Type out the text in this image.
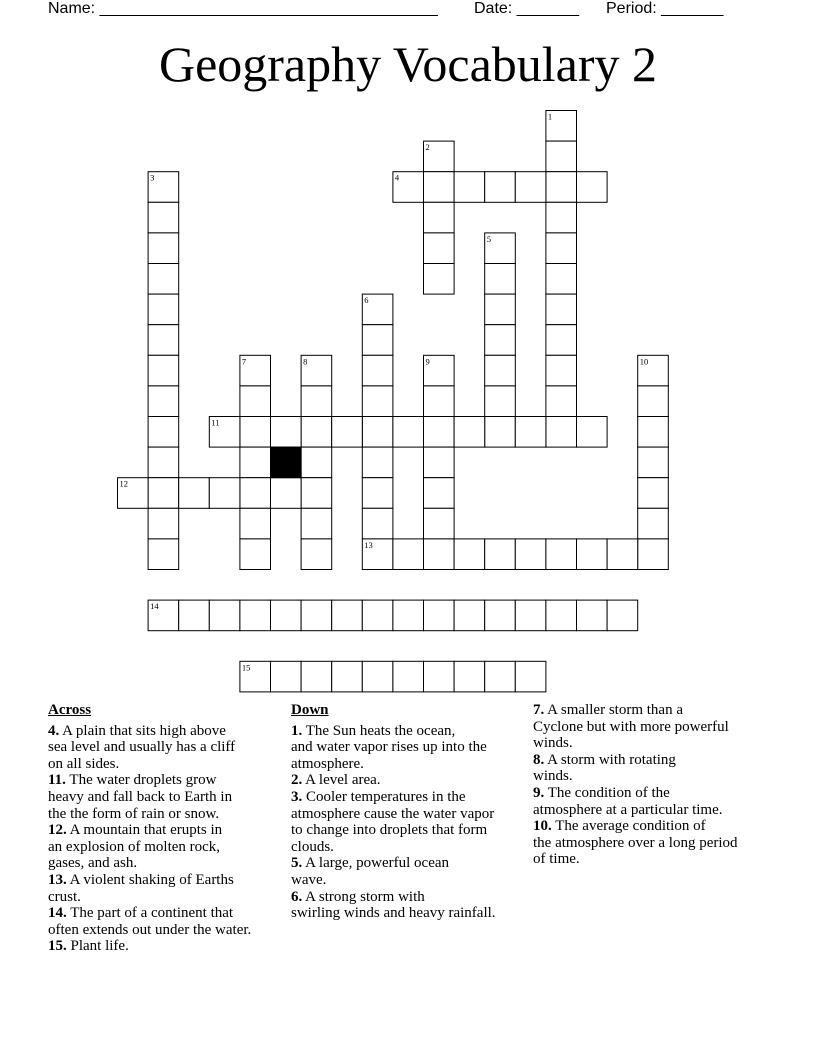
Name: ______________________________________ Date: _______ Period: _______
Geography Vocabulary 2
1
2
3	4
5
6
13
7	8	9	10
11
12
14
15
Across
4. A plain that sits high above
sea level and usually has a cliff
on all sides.
11. The water droplets grow
heavy and fall back to Earth in
the the form of rain or snow.
12. A mountain that erupts in
an explosion of molten rock,
gases, and ash.
13. A violent shaking of Earths
crust.
14. The part of a continent that
often extends out under the water.
15. Plant life.
Down
1. The Sun heats the ocean,
and water vapor rises up into the
atmosphere.
2. A level area.
3. Cooler temperatures in the
atmosphere cause the water vapor
to change into droplets that form
clouds.
5. A large, powerful ocean
wave.
6. A strong storm with
swirling winds and heavy rainfall.
7. A smaller storm than a
Cyclone but with more powerful
winds.
8. A storm with rotating
winds.
9. The condition of the
atmosphere at a particular time.
10. The average condition of
the atmosphere over a long period
of time.
